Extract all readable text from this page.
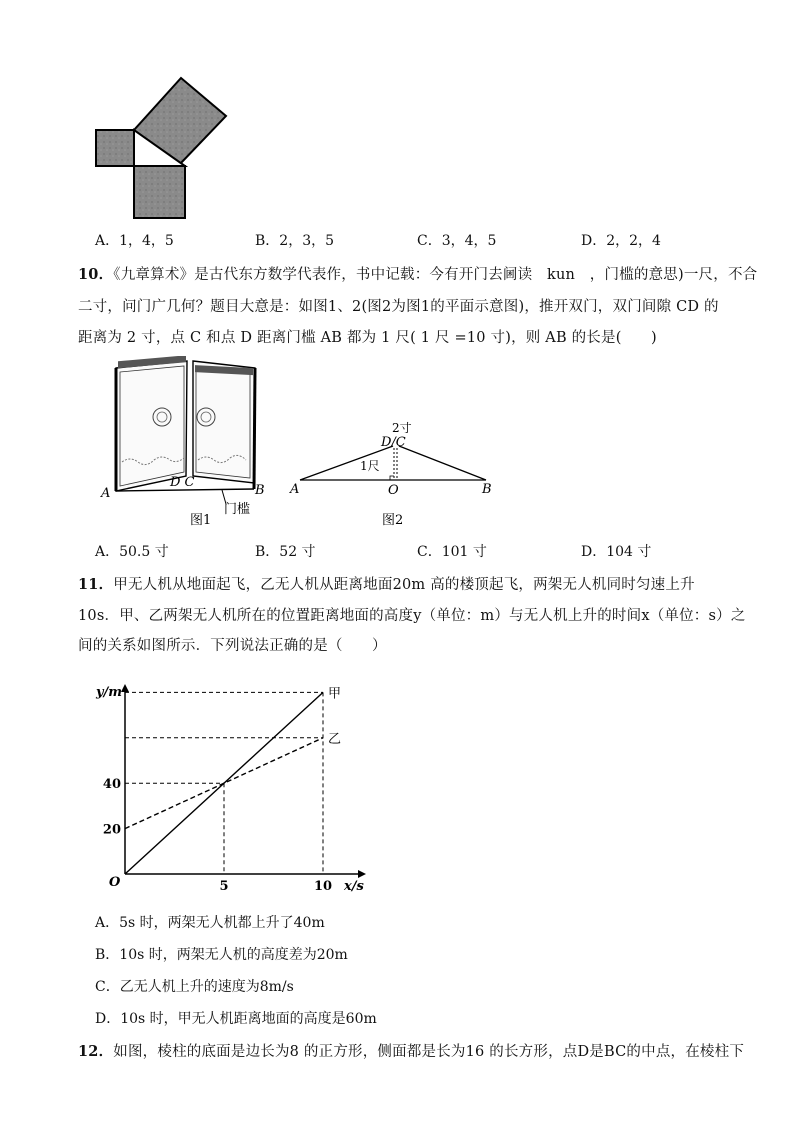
A．1，4，5	B．2，3，5	C．3，4，5	D．2，2，4
10．《九章算术》是古代东方数学代表作，书中记载：今有开门去阃读　kun　，门槛的意思)一尺，不合
二寸，问门广几何？题目大意是：如图1、2(图2为图1的平面示意图)，推开双门，双门间隙 CD 的
距离为 2 寸，点 C 和点 D 距离门槛 AB 都为 1 尺( 1 尺 =10 寸)，则 AB 的长是(　　)
A
D C
B
门槛
图1
2寸
D/C
1尺
A	O	B
图2
A．50.5 寸	B．52 寸	C．101 寸	D．104 寸
11．甲无人机从地面起飞，乙无人机从距离地面20m 高的楼顶起飞，两架无人机同时匀速上升
10s．甲、乙两架无人机所在的位置距离地面的高度y（单位：m）与无人机上升的时间x（单位：s）之
间的关系如图所示．下列说法正确的是（　　）
y/m
x/s
O
甲
乙
5	10
20
40
A．5s 时，两架无人机都上升了40m
B．10s 时，两架无人机的高度差为20m
C．乙无人机上升的速度为8m/s
D．10s 时，甲无人机距离地面的高度是60m
12．如图，棱柱的底面是边长为8 的正方形，侧面都是长为16 的长方形，点D是BC的中点，在棱柱下
